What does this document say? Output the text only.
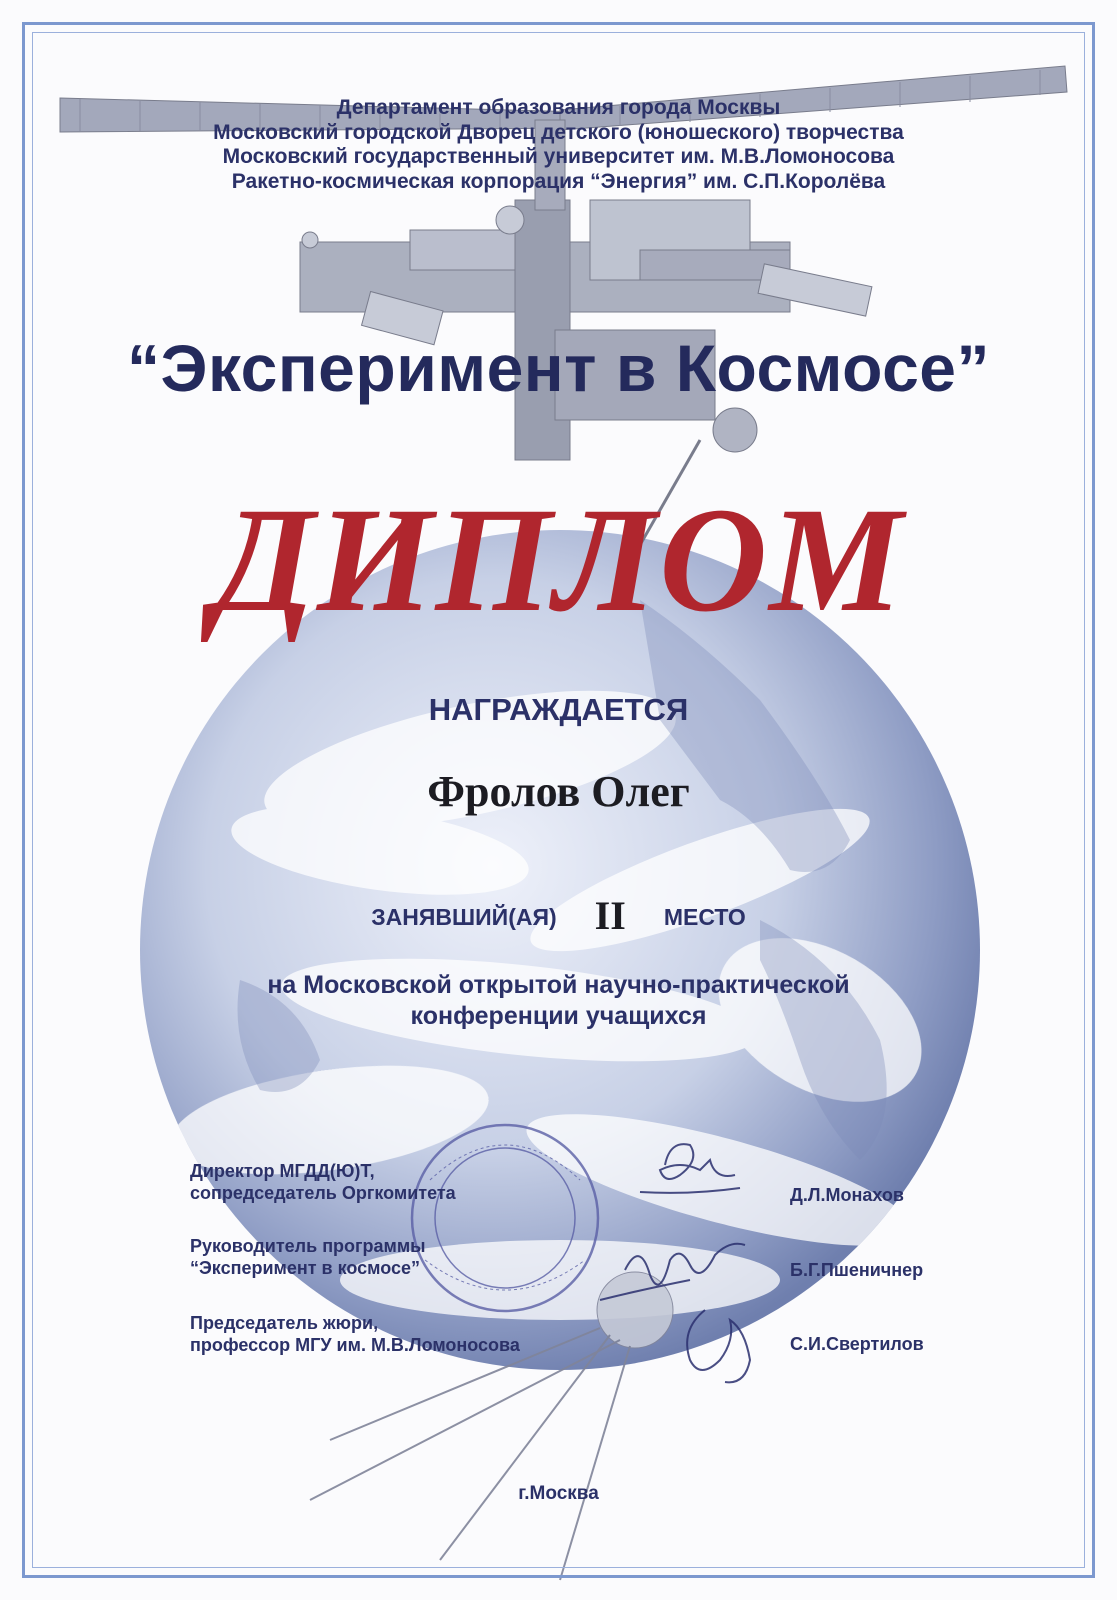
Департамент образования города Москвы
Московский городской Дворец детского (юношеского) творчества
Московский государственный университет им. М.В.Ломоносова
Ракетно-космическая корпорация “Энергия” им. С.П.Королёва
“Эксперимент в Космосе”
ДИПЛОМ
НАГРАЖДАЕТСЯ
Фролов Олег
ЗАНЯВШИЙ(АЯ) II МЕСТО
на Московской открытой научно-практической
конференции учащихся
Директор МГДД(Ю)Т,
сопредседатель Оргкомитета	Д.Л.Монахов
Руководитель программы
“Эксперимент в космосе”	Б.Г.Пшеничнер
Председатель жюри,
профессор МГУ им. М.В.Ломоносова	С.И.Свертилов
г.Москва
